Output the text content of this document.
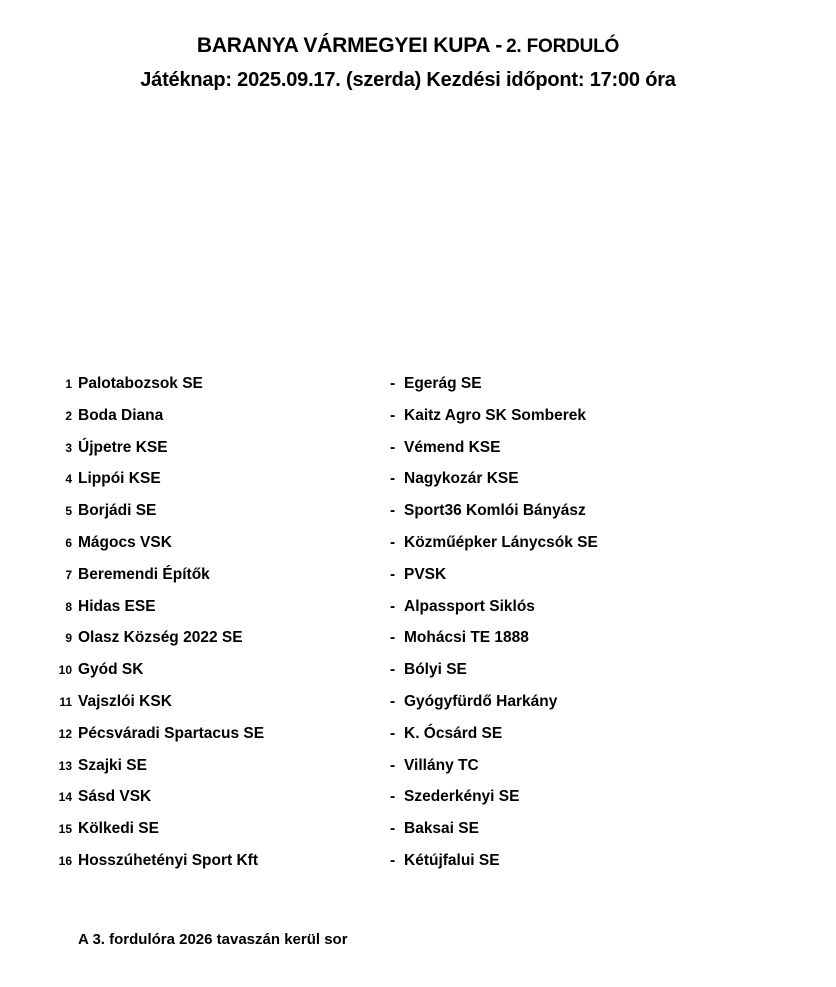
BARANYA VÁRMEGYEI KUPA - 2. FORDULÓ
Játéknap: 2025.09.17. (szerda) Kezdési időpont: 17:00 óra
1 Palotabozsok SE	- Egerág SE
2 Boda Diana	- Kaitz Agro SK Somberek
3 Újpetre KSE	- Vémend KSE
4 Lippói KSE	- Nagykozár KSE
5 Borjádi SE	- Sport36 Komlói Bányász
6 Mágocs VSK	- Közműépker Lánycsók SE
7 Beremendi Építők	- PVSK
8 Hidas ESE	- Alpassport Siklós
9 Olasz Község 2022 SE	- Mohácsi TE 1888
10 Gyód SK	- Bólyi SE
11 Vajszlói KSK	- Gyógyfürdő Harkány
12 Pécsváradi Spartacus SE	- K. Ócsárd SE
13 Szajki SE	- Villány TC
14 Sásd VSK	- Szederkényi SE
15 Kölkedi SE	- Baksai SE
16 Hosszúhetényi Sport Kft	- Kétújfalui SE
A 3. fordulóra 2026 tavaszán kerül sor
